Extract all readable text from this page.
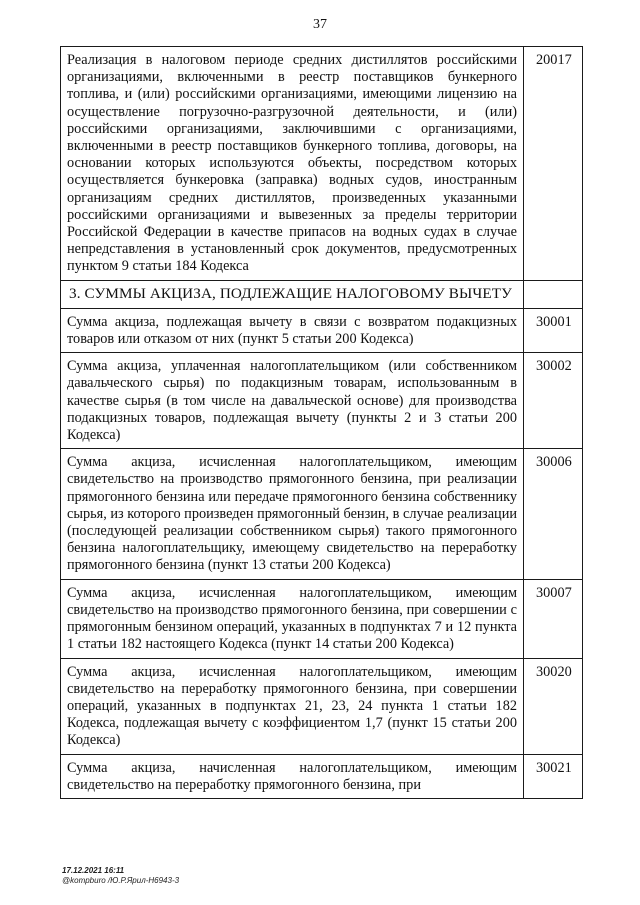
37
Реализация в налоговом периоде средних дистиллятов российскими организациями, включенными в реестр поставщиков бункерного топлива, и (или) российскими организациями, имеющими лицензию на осуществление погрузочно-разгрузочной деятельности, и (или) российскими организациями, заключившими с организациями, включенными в реестр поставщиков бункерного топлива, договоры, на основании которых используются объекты, посредством которых осуществляется бункеровка (заправка) водных судов, иностранным организациям средних дистиллятов, произведенных указанными российскими организациями и вывезенных за пределы территории Российской Федерации в качестве припасов на водных судах в случае непредставления в установленный срок документов, предусмотренных пунктом 9 статьи 184 Кодекса	20017
3. СУММЫ АКЦИЗА, ПОДЛЕЖАЩИЕ НАЛОГОВОМУ ВЫЧЕТУ	
Сумма акциза, подлежащая вычету в связи с возвратом подакцизных товаров или отказом от них (пункт 5 статьи 200 Кодекса)	30001
Сумма акциза, уплаченная налогоплательщиком (или собственником давальческого сырья) по подакцизным товарам, использованным в качестве сырья (в том числе на давальческой основе) для производства подакцизных товаров, подлежащая вычету (пункты 2 и 3 статьи 200 Кодекса)	30002
Сумма акциза, исчисленная налогоплательщиком, имеющим свидетельство на производство прямогонного бензина, при реализации прямогонного бензина или передаче прямогонного бензина собственнику сырья, из которого произведен прямогонный бензин, в случае реализации (последующей реализации собственником сырья) такого прямогонного бензина налогоплательщику, имеющему свидетельство на переработку прямогонного бензина (пункт 13 статьи 200 Кодекса)	30006
Сумма акциза, исчисленная налогоплательщиком, имеющим свидетельство на производство прямогонного бензина, при совершении с прямогонным бензином операций, указанных в подпунктах 7 и 12 пункта 1 статьи 182 настоящего Кодекса (пункт 14 статьи 200 Кодекса)	30007
Сумма акциза, исчисленная налогоплательщиком, имеющим свидетельство на переработку прямогонного бензина, при совершении операций, указанных в подпунктах 21, 23, 24 пункта 1 статьи 182 Кодекса, подлежащая вычету с коэффициентом 1,7 (пункт 15 статьи 200 Кодекса)	30020
Сумма акциза, начисленная налогоплательщиком, имеющим свидетельство на переработку прямогонного бензина, при	30021
17.12.2021 16:11
@kompburo /Ю.Р.Ярил-Н6943-3
